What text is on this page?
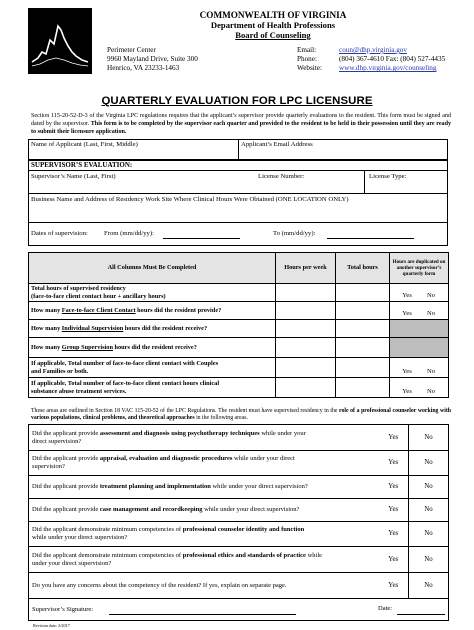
COMMONWEALTH OF VIRGINIA
Department of Health Professions
Board of Counseling
Perimeter Center
9960 Mayland Drive, Suite 300
Henrico, VA 23233-1463
Email:	coun@dhp.virginia.gov
Phone:	(804) 367-4610 Fax: (804) 527-4435
Website: www.dhp.virginia.gov/counseling
QUARTERLY EVALUATION FOR LPC LICENSURE
Section 115-20-52-D-3 of the Virginia LPC regulations requires that the applicant’s supervisor provide quarterly evaluations to the resident. This form must be signed and dated by the supervisor. This form is to be completed by the supervisor each quarter and provided to the resident to be held in their possession until they are ready to submit their licensure application.
Name of Applicant (Last, First, Middle)	Applicant’s Email Address
SUPERVISOR’S EVALUATION:
Supervisor’s Name (Last, First)	License Number:	License Type:
Business Name and Address of Residency Work Site Where Clinical Hours Were Obtained (ONE LOCATION ONLY)
Dates of supervision: From (mm/dd/yy):	To (mm/dd/yy):
All Columns Must Be Completed	Hours per week	Total hours	Hours are duplicated on another supervisor’s quarterly form
Total hours of supervised residency
(face-to-face client contact hour + ancillary hours)			Yes No
How many Face-to-face Client Contact hours did the resident provide?			Yes No
How many Individual Supervision hours did the resident receive?			
How many Group Supervision hours did the resident receive?			
If applicable, Total number of face-to-face client contact with Couples
and Families or both.			Yes No
If applicable, Total number of face-to-face client contact hours clinical
substance abuse treatment services.			Yes No
These areas are outlined in Section 18 VAC 115-20-52 of the LPC Regulations. The resident must have supervised residency in the role of a professional counselor working with various populations, clinical problems, and theoretical approaches in the following areas.
Did the applicant provide assessment and diagnosis using psychotherapy techniques while under your
direct supervision?	Yes	No
Did the applicant provide appraisal, evaluation and diagnostic procedures while under your direct
supervision?	Yes	No
Did the applicant provide treatment planning and implementation while under your direct supervision?	Yes	No
Did the applicant provide case management and recordkeeping while under your direct supervision?	Yes	No
Did the applicant demonstrate minimum competencies of professional counselor identity and function
while under your direct supervision?	Yes	No
Did the applicant demonstrate minimum competencies of professional ethics and standards of practice while
under your direct supervision?	Yes	No
Do you have any concerns about the competency of the resident? If yes, explain on separate page.	Yes	No
Supervisor’s Signature: Date:		
Revision date: 2/2017
